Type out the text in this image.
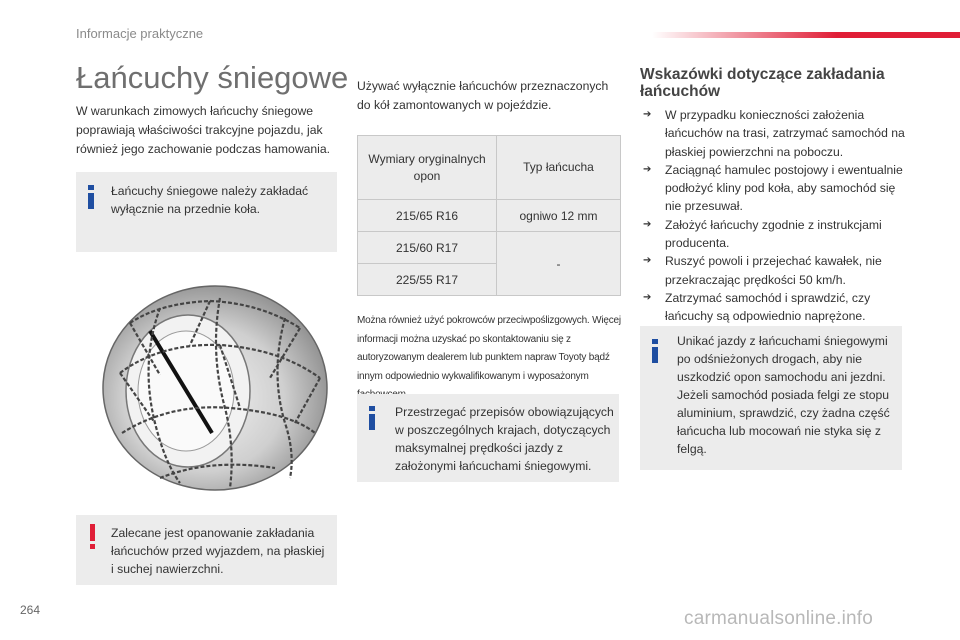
Informacje praktyczne
Łańcuchy śniegowe
W warunkach zimowych łańcuchy śniegowe poprawiają właściwości trakcyjne pojazdu, jak również jego zachowanie podczas hamowania.
Łańcuchy śniegowe należy zakładać wyłącznie na przednie koła.
Zalecane jest opanowanie zakładania łańcuchów przed wyjazdem, na płaskiej i suchej nawierzchni.
Używać wyłącznie łańcuchów przeznaczonych do kół zamontowanych w pojeździe.
Wymiary oryginalnych opon	Typ łańcucha
215/65 R16	ogniwo 12 mm
215/60 R17	-
225/55 R17	
Można również użyć pokrowców przeciwpoślizgowych. Więcej informacji można uzyskać po skontaktowaniu się z autoryzowanym dealerem lub punktem napraw Toyoty bądź innym odpowiednio wykwalifikowanym i wyposażonym
Przestrzegać przepisów obowiązujących w poszczególnych krajach, dotyczących maksymalnej prędkości jazdy z założonymi łańcuchami śniegowymi.
Wskazówki dotyczące zakładania łańcuchów
➔ W przypadku konieczności założenia łańcuchów na trasi, zatrzymać samochód na płaskiej powierzchni na poboczu.
➔ Zaciągnąć hamulec postojowy i ewentualnie podłożyć kliny pod koła, aby samochód się nie przesuwał.
➔ Założyć łańcuchy zgodnie z instrukcjami producenta.
➔ Ruszyć powoli i przejechać kawałek, nie przekraczając prędkości 50 km/h.
➔ Zatrzymać samochód i sprawdzić, czy łańcuchy są odpowiednio naprężone.
Unikać jazdy z łańcuchami śniegowymi po odśnieżonych drogach, aby nie uszkodzić opon samochodu ani jezdni. Jeżeli samochód posiada felgi ze stopu aluminium, sprawdzić, czy żadna część łańcucha lub mocowań nie styka się z felgą.
264	carmanualsonline.info
